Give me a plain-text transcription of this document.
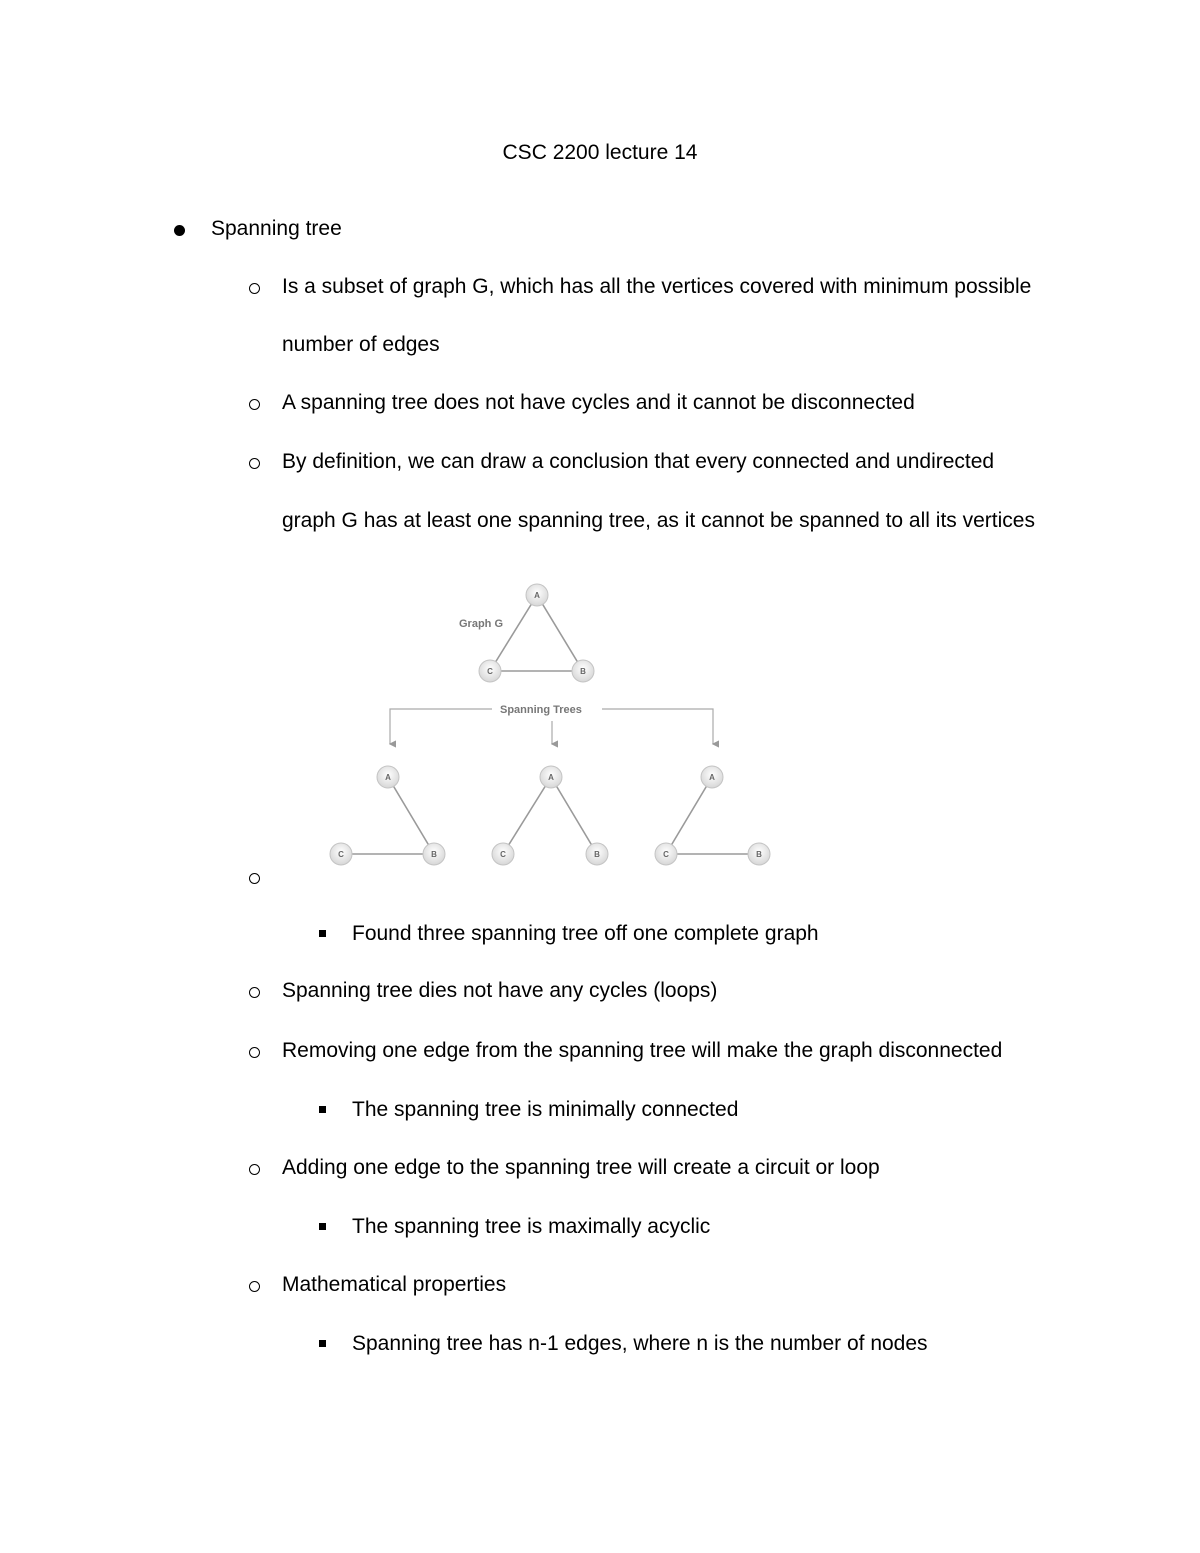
CSC 2200 lecture 14
Spanning tree
Is a subset of graph G, which has all the vertices covered with minimum possible
number of edges
A spanning tree does not have cycles and it cannot be disconnected
By definition, we can draw a conclusion that every connected and undirected
graph G has at least one spanning tree, as it cannot be spanned to all its vertices
Graph G
Spanning Trees
A
C	B
A
C	B
A
C	B
A
C	B
Found three spanning tree off one complete graph
Spanning tree dies not have any cycles (loops)
Removing one edge from the spanning tree will make the graph disconnected
The spanning tree is minimally connected
Adding one edge to the spanning tree will create a circuit or loop
The spanning tree is maximally acyclic
Mathematical properties
Spanning tree has n-1 edges, where n is the number of nodes
